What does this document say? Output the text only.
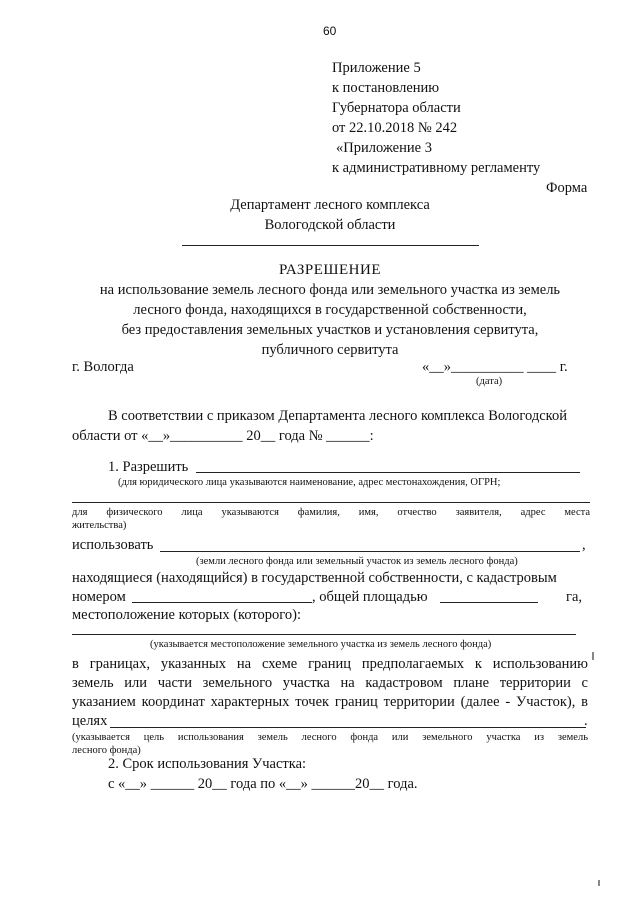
60
Приложение 5
к постановлению
Губернатора области
от 22.10.2018 № 242
«Приложение 3
к административному регламенту
Форма
Департамент лесного комплекса
Вологодской области
РАЗРЕШЕНИЕ
на использование земель лесного фонда или земельного участка из земель
лесного фонда, находящихся в государственной собственности,
без предоставления земельных участков и установления сервитута,
публичного сервитута
г. Вологда	«__»__________ ____ г.
(дата)
В соответствии с приказом Департамента лесного комплекса Вологодской
области от «__»__________ 20__ года № ______:
1. Разрешить
(для юридического лица указываются наименование, адрес местонахождения, ОГРН;
для физического лица указываются фамилия, имя, отчество заявителя, адрес места
жительства)
использовать	,
(земли лесного фонда или земельный участок из земель лесного фонда)
находящиеся (находящийся) в государственной собственности, с кадастровым
номером	, общей площадью	га,
местоположение которых (которого):
(указывается местоположение земельного участка из земель лесного фонда)
в границах, указанных на схеме границ предполагаемых к использованию
земель или части земельного участка на кадастровом плане территории с
указанием координат характерных точек границ территории (далее - Участок), в
целях	.
(указывается цель использования земель лесного фонда или земельного участка из земель
лесного фонда)
2. Срок использования Участка:
с «__» ______ 20__ года по «__» ______20__ года.
